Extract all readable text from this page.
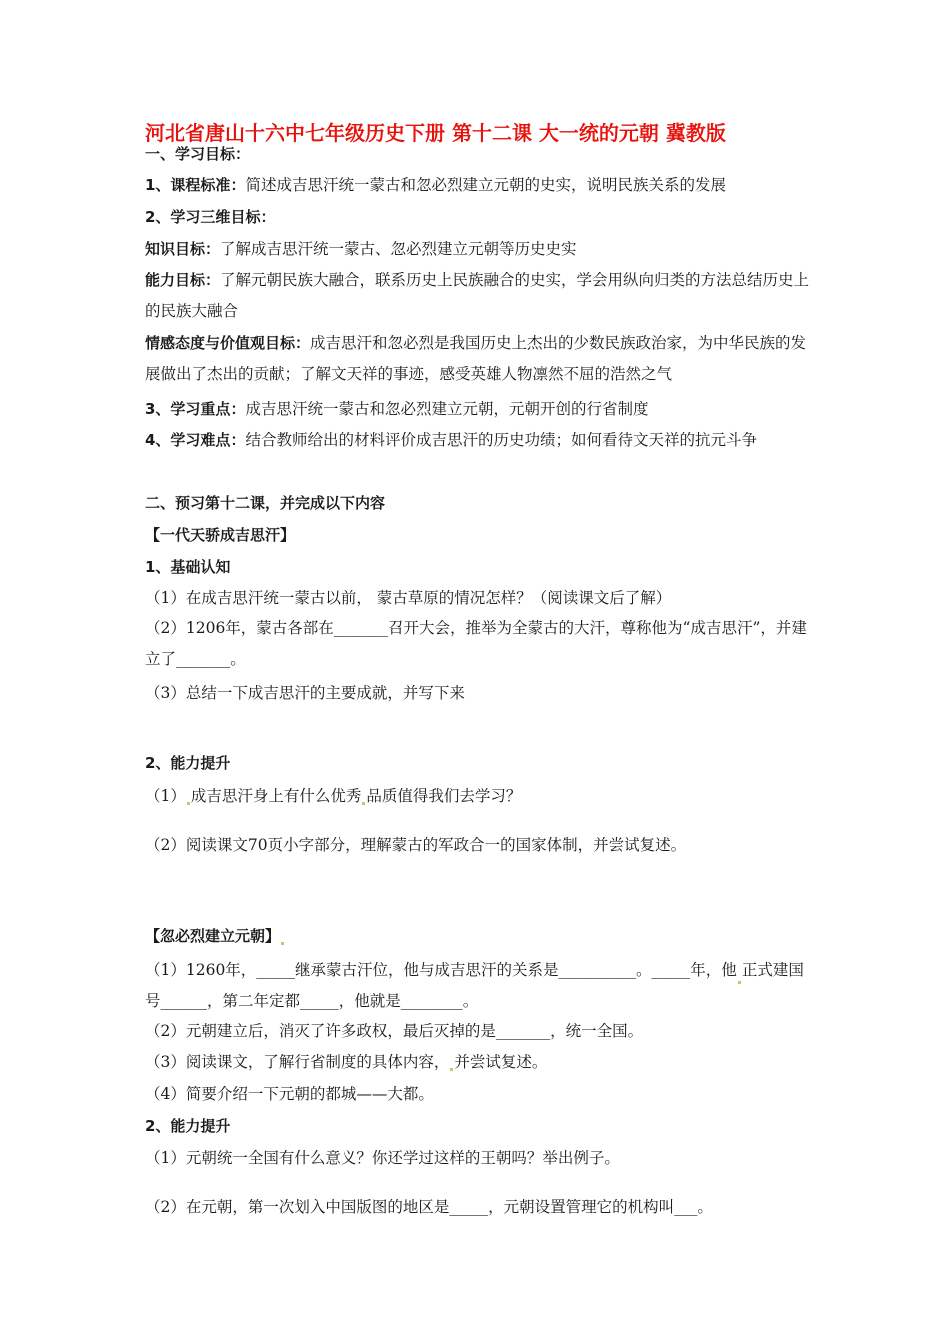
河北省唐山十六中七年级历史下册 第十二课 大一统的元朝 冀教版
一、学习目标：
1、课程标准：简述成吉思汗统一蒙古和忽必烈建立元朝的史实，说明民族关系的发展
2、学习三维目标：
知识目标：了解成吉思汗统一蒙古、忽必烈建立元朝等历史史实
能力目标：了解元朝民族大融合，联系历史上民族融合的史实，学会用纵向归类的方法总结历史上的民族大融合
情感态度与价值观目标：成吉思汗和忽必烈是我国历史上杰出的少数民族政治家，为中华民族的发展做出了杰出的贡献；了解文天祥的事迹，感受英雄人物凛然不屈的浩然之气
3、学习重点：成吉思汗统一蒙古和忽必烈建立元朝，元朝开创的行省制度
4、学习难点：结合教师给出的材料评价成吉思汗的历史功绩；如何看待文天祥的抗元斗争
二、预习第十二课，并完成以下内容
【一代天骄成吉思汗】
1、基础认知
（1）在成吉思汗统一蒙古以前， 蒙古草原的情况怎样？（阅读课文后了解）
（2）1206年，蒙古各部在_______召开大会，推举为全蒙古的大汗，尊称他为“成吉思汗”，并建立了_______。
（3）总结一下成吉思汗的主要成就，并写下来
2、能力提升
（1） 成吉思汗身上有什么优秀 品质值得我们去学习？
（2）阅读课文70页小字部分，理解蒙古的军政合一的国家体制，并尝试复述。
【忽必烈建立元朝】
（1）1260年，_____继承蒙古汗位，他与成吉思汗的关系是__________。_____年，他 正式建国号______，第二年定都_____，他就是________。
（2）元朝建立后，消灭了许多政权，最后灭掉的是_______，统一全国。
（3）阅读课文，了解行省制度的具体内容， 并尝试复述。
（4）简要介绍一下元朝的都城——大都。
2、能力提升
（1）元朝统一全国有什么意义？你还学过这样的王朝吗？举出例子。
（2）在元朝，第一次划入中国版图的地区是_____，元朝设置管理它的机构叫___。
